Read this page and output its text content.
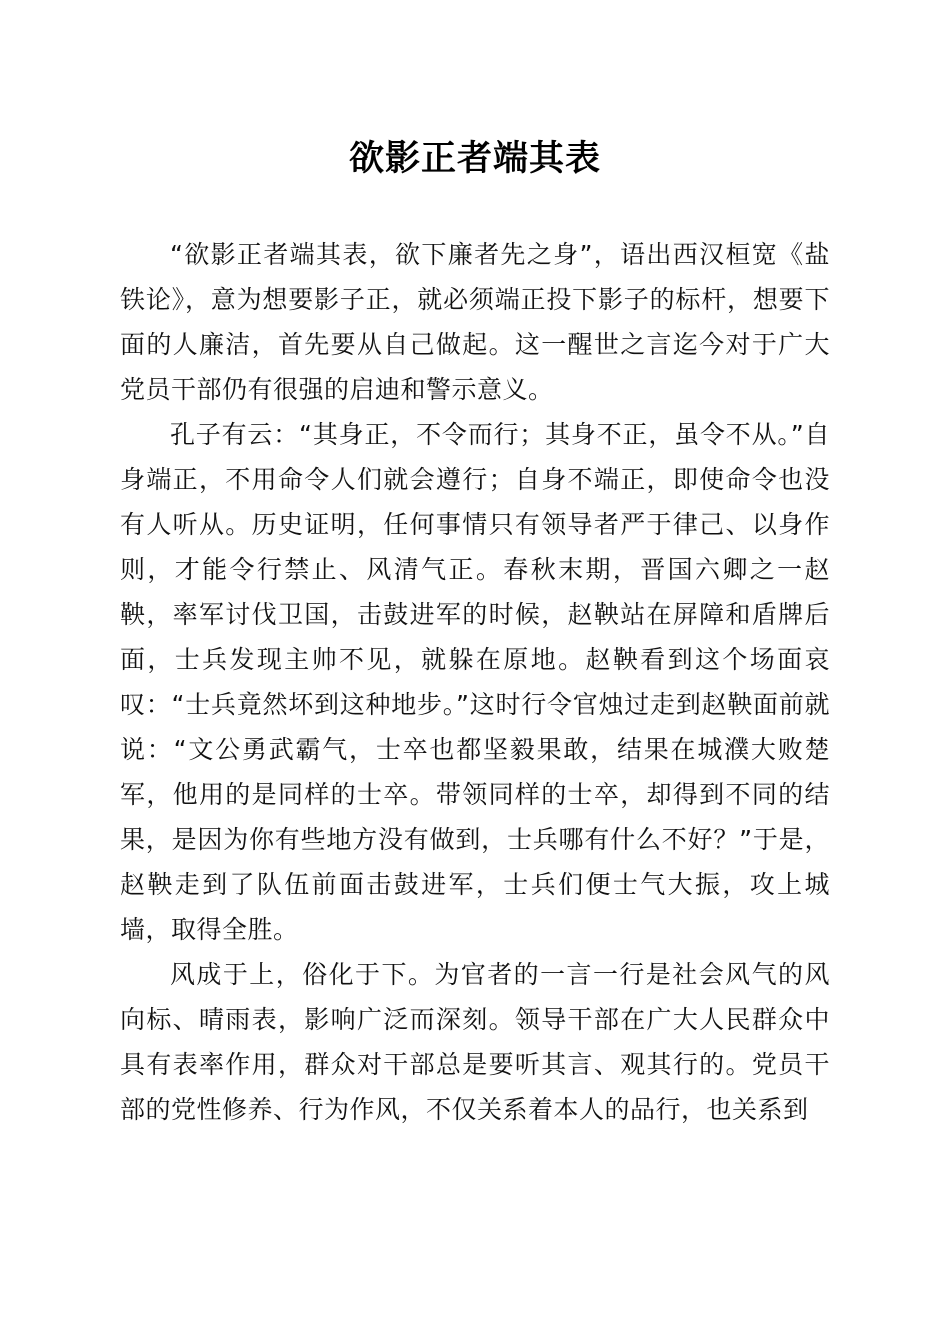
欲影正者端其表

“欲影正者端其表，欲下廉者先之身”，语出西汉桓宽《盐铁论》，意为想要影子正，就必须端正投下影子的标杆，想要下面的人廉洁，首先要从自己做起。这一醒世之言迄今对于广大党员干部仍有很强的启迪和警示意义。

孔子有云：“其身正，不令而行；其身不正，虽令不从。”自身端正，不用命令人们就会遵行；自身不端正，即使命令也没有人听从。历史证明，任何事情只有领导者严于律己、以身作则，才能令行禁止、风清气正。春秋末期，晋国六卿之一赵鞅，率军讨伐卫国，击鼓进军的时候，赵鞅站在屏障和盾牌后面，士兵发现主帅不见，就躲在原地。赵鞅看到这个场面哀叹：“士兵竟然坏到这种地步。”这时行令官烛过走到赵鞅面前就说：“文公勇武霸气，士卒也都坚毅果敢，结果在城濮大败楚军，他用的是同样的士卒。带领同样的士卒，却得到不同的结果，是因为你有些地方没有做到，士兵哪有什么不好？”于是，赵鞅走到了队伍前面击鼓进军，士兵们便士气大振，攻上城墙，取得全胜。

风成于上，俗化于下。为官者的一言一行是社会风气的风向标、晴雨表，影响广泛而深刻。领导干部在广大人民群众中具有表率作用，群众对干部总是要听其言、观其行的。党员干部的党性修养、行为作风，不仅关系着本人的品行，也关系到
